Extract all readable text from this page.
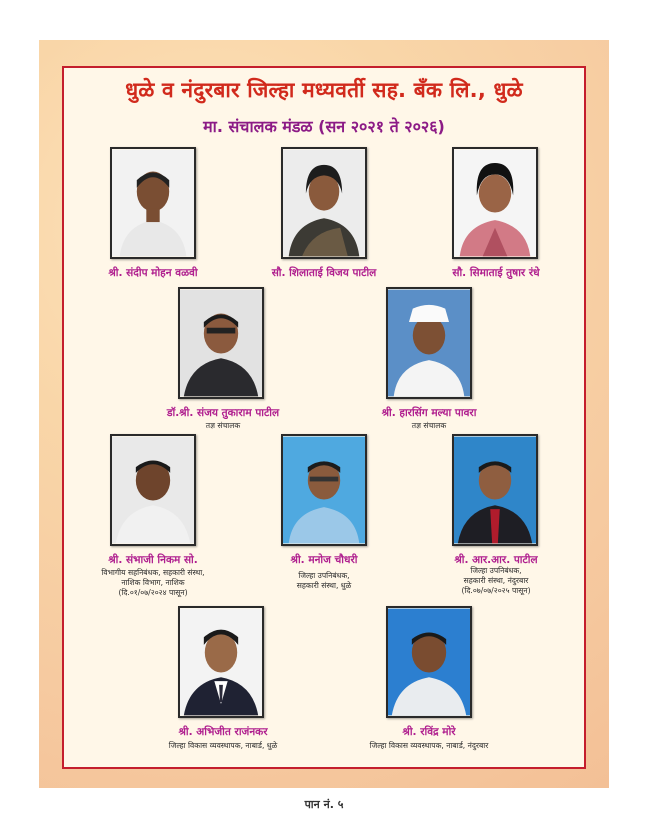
धुळे व नंदुरबार जिल्हा मध्यवर्ती सह. बँक लि., धुळे
मा. संचालक मंडळ (सन २०२१ ते २०२६)
श्री. संदीप मोहन वळवी	सौ. शिलाताई विजय पाटील	सौ. सिमाताई तुषार रंधे
डॉ.श्री. संजय तुकाराम पाटील
तज्ञ संचालक
श्री. हारसिंग मल्या पावरा
तज्ञ संचालक
श्री. संभाजी निकम सो.
विभागीय सहनिबंधक, सहकारी संस्था,
नाशिक विभाग, नाशिक
(दि.०१/०७/२०२४ पासून)
श्री. मनोज चौधरी
जिल्हा उपनिबंधक,
सहकारी संस्था, धुळे
श्री. आर.आर. पाटील
जिल्हा उपनिबंधक,
सहकारी संस्था, नंदुरबार
(दि.०७/०७/२०२५ पासून)
श्री. अभिजीत राजंनकर
जिल्हा विकास व्यवस्थापक, नाबार्ड, धुळे
श्री. रविंद्र मोरे
जिल्हा विकास व्यवस्थापक, नाबार्ड, नंदुरबार
पान नं. ५
